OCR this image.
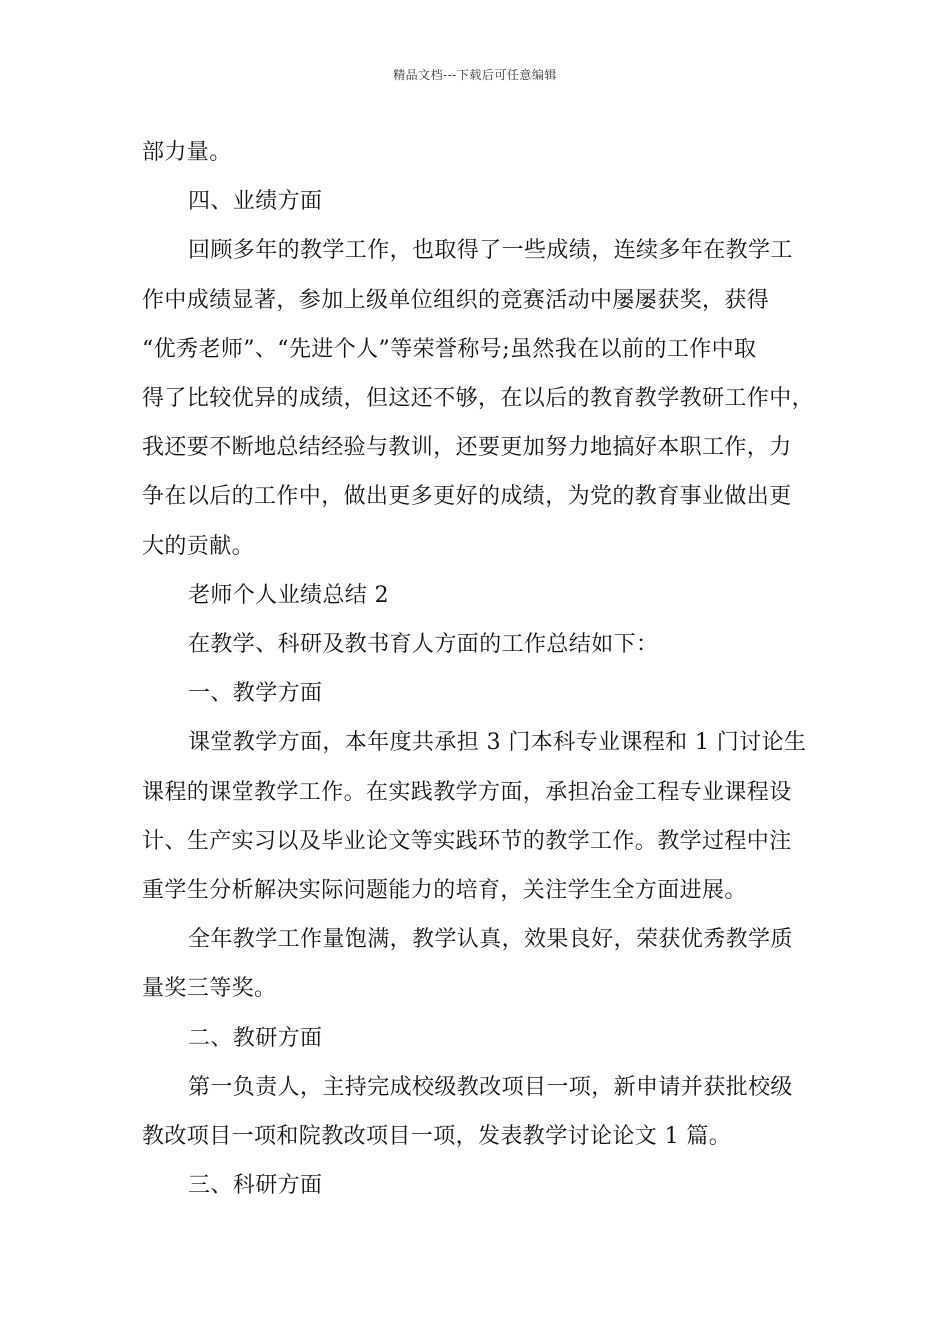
精品文档---下载后可任意编辑

部力量。

四、业绩方面

回顾多年的教学工作，也取得了一些成绩，连续多年在教学工

作中成绩显著，参加上级单位组织的竞赛活动中屡屡获奖，获得

“优秀老师”、“先进个人”等荣誉称号;虽然我在以前的工作中取

得了比较优异的成绩，但这还不够，在以后的教育教学教研工作中，

我还要不断地总结经验与教训，还要更加努力地搞好本职工作，力

争在以后的工作中，做出更多更好的成绩，为党的教育事业做出更

大的贡献。

老师个人业绩总结 2

在教学、科研及教书育人方面的工作总结如下：

一、教学方面

课堂教学方面，本年度共承担 3 门本科专业课程和 1 门讨论生

课程的课堂教学工作。在实践教学方面，承担冶金工程专业课程设

计、生产实习以及毕业论文等实践环节的教学工作。教学过程中注

重学生分析解决实际问题能力的培育，关注学生全方面进展。

全年教学工作量饱满，教学认真，效果良好，荣获优秀教学质

量奖三等奖。

二、教研方面

第一负责人，主持完成校级教改项目一项，新申请并获批校级

教改项目一项和院教改项目一项，发表教学讨论论文 1 篇。

三、科研方面
